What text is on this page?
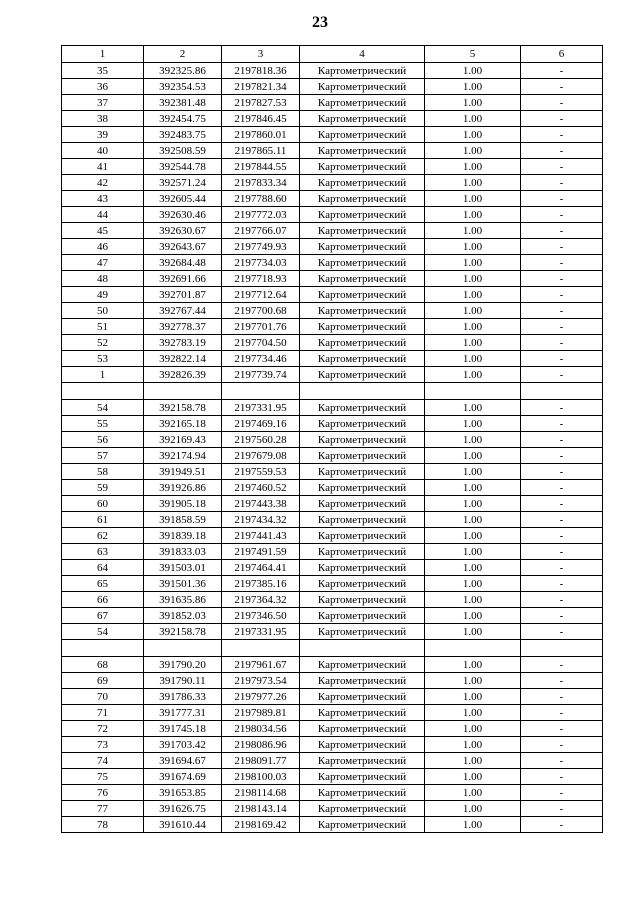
23
1	2	3	4	5	6
35	392325.86	2197818.36	Картометрический	1.00	-
36	392354.53	2197821.34	Картометрический	1.00	-
37	392381.48	2197827.53	Картометрический	1.00	-
38	392454.75	2197846.45	Картометрический	1.00	-
39	392483.75	2197860.01	Картометрический	1.00	-
40	392508.59	2197865.11	Картометрический	1.00	-
41	392544.78	2197844.55	Картометрический	1.00	-
42	392571.24	2197833.34	Картометрический	1.00	-
43	392605.44	2197788.60	Картометрический	1.00	-
44	392630.46	2197772.03	Картометрический	1.00	-
45	392630.67	2197766.07	Картометрический	1.00	-
46	392643.67	2197749.93	Картометрический	1.00	-
47	392684.48	2197734.03	Картометрический	1.00	-
48	392691.66	2197718.93	Картометрический	1.00	-
49	392701.87	2197712.64	Картометрический	1.00	-
50	392767.44	2197700.68	Картометрический	1.00	-
51	392778.37	2197701.76	Картометрический	1.00	-
52	392783.19	2197704.50	Картометрический	1.00	-
53	392822.14	2197734.46	Картометрический	1.00	-
1	392826.39	2197739.74	Картометрический	1.00	-

54	392158.78	2197331.95	Картометрический	1.00	-
55	392165.18	2197469.16	Картометрический	1.00	-
56	392169.43	2197560.28	Картометрический	1.00	-
57	392174.94	2197679.08	Картометрический	1.00	-
58	391949.51	2197559.53	Картометрический	1.00	-
59	391926.86	2197460.52	Картометрический	1.00	-
60	391905.18	2197443.38	Картометрический	1.00	-
61	391858.59	2197434.32	Картометрический	1.00	-
62	391839.18	2197441.43	Картометрический	1.00	-
63	391833.03	2197491.59	Картометрический	1.00	-
64	391503.01	2197464.41	Картометрический	1.00	-
65	391501.36	2197385.16	Картометрический	1.00	-
66	391635.86	2197364.32	Картометрический	1.00	-
67	391852.03	2197346.50	Картометрический	1.00	-
54	392158.78	2197331.95	Картометрический	1.00	-

68	391790.20	2197961.67	Картометрический	1.00	-
69	391790.11	2197973.54	Картометрический	1.00	-
70	391786.33	2197977.26	Картометрический	1.00	-
71	391777.31	2197989.81	Картометрический	1.00	-
72	391745.18	2198034.56	Картометрический	1.00	-
73	391703.42	2198086.96	Картометрический	1.00	-
74	391694.67	2198091.77	Картометрический	1.00	-
75	391674.69	2198100.03	Картометрический	1.00	-
76	391653.85	2198114.68	Картометрический	1.00	-
77	391626.75	2198143.14	Картометрический	1.00	-
78	391610.44	2198169.42	Картометрический	1.00	-
